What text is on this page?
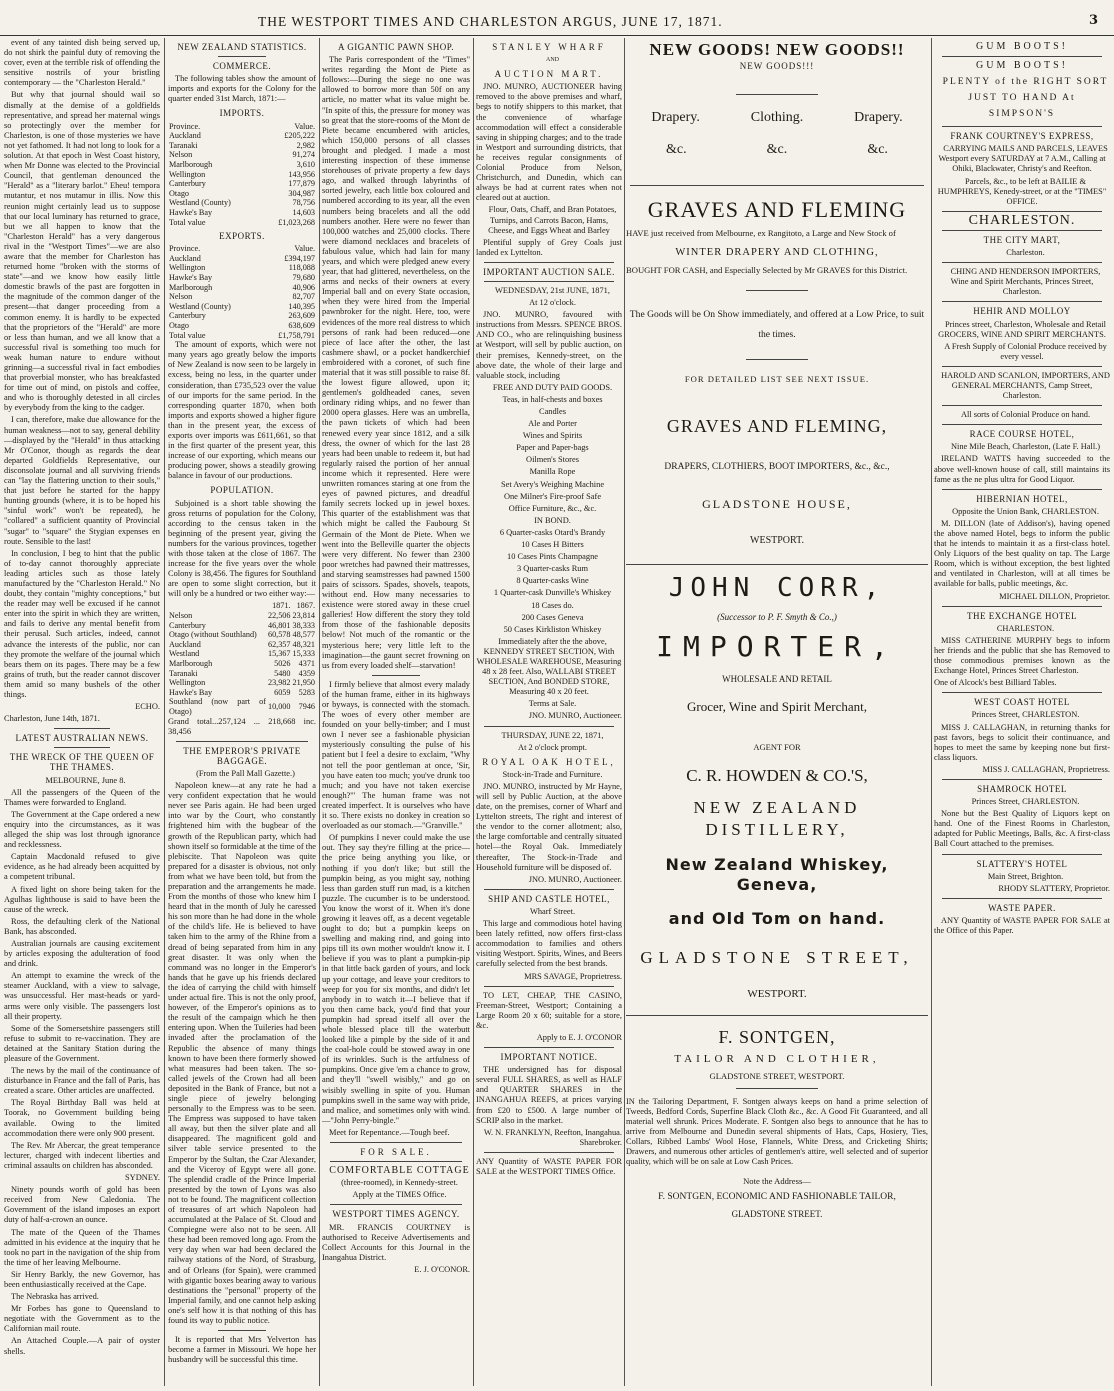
THE WESTPORT TIMES AND CHARLESTON ARGUS, JUNE 17, 1871.	3

event of any tainted dish being served up, do not shirk the painful duty of removing the cover, even at the terrible risk of offending the sensitive nostrils of your bristling contemporary — the "Charleston Herald."

But why that journal should wail so dismally at the demise of a goldfields representative, and spread her maternal wings so protectingly over the member for Charleston, is one of those mysteries we have not yet fathomed. It had not long to look for a solution. At that epoch in West Coast history, when Mr Donne was elected to the Provincial Council, that gentleman denounced the "Herald" as a "literary barlot." Eheu! tempora mutantur, et nos mutamur in illis. Now this reunion might certainly lead us to suppose that our local luminary has returned to grace, but we all happen to know that the "Charleston Herald" has a very dangerous rival in the "Westport Times"—we are also aware that the member for Charleston has returned home "broken with the storms of state"—and we know how easily little domestic brawls of the past are forgotten in the magnitude of the common danger of the present—that danger proceeding from a common enemy. It is hardly to be expected that the proprietors of the "Herald" are more or less than human, and we all know that a successful rival is something too much for weak human nature to endure without grinning—a successful rival in fact embodies that proverbial monster, who has breakfasted for time out of mind, on pistols and coffee, and who is thoroughly detested in all circles by everybody from the king to the cadger.

I can, therefore, make due allowance for the human weakness—not to say, general debility—displayed by the "Herald" in thus attacking Mr O'Conor, though as regards the dear departed Goldfields Representative, our disconsolate journal and all surviving friends can "lay the flattering unction to their souls," that just before he started for the happy hunting grounds (where, it is to be hoped his "sinful work" won't be repeated), he "collared" a sufficient quantity of Provincial "sugar" to "square" the Stygian expenses en route. Sensible to the last!

In conclusion, I beg to hint that the public of to-day cannot thoroughly appreciate leading articles such as those lately manufactured by the "Charleston Herald." No doubt, they contain "mighty conceptions," but the reader may well be excused if he cannot enter into the spirit in which they are written, and fails to derive any mental benefit from their perusal. Such articles, indeed, cannot advance the interests of the public, nor can they promote the welfare of the journal which bears them on its pages. There may be a few grains of truth, but the reader cannot discover them amid so many bushels of the other things.

ECHO.

Charleston, June 14th, 1871.

LATEST AUSTRALIAN NEWS.
THE WRECK OF THE QUEEN OF THE THAMES.

MELBOURNE, June 8.

All the passengers of the Queen of the Thames were forwarded to England.

The Government at the Cape ordered a new enquiry into the circumstances, as it was alleged the ship was lost through ignorance and recklessness.

Captain Macdonald refused to give evidence, as he had already been acquitted by a competent tribunal.

A fixed light on shore being taken for the Agulhas lighthouse is said to have been the cause of the wreck.

Ross, the defaulting clerk of the National Bank, has absconded.

Australian journals are causing excitement by articles exposing the adulteration of food and drink.

An attempt to examine the wreck of the steamer Auckland, with a view to salvage, was unsuccessful. Her mast-heads or yard-arms were only visible. The passengers lost all their property.

Some of the Somersetshire passengers still refuse to submit to re-vaccination. They are detained at the Sanitary Station during the pleasure of the Government.

The news by the mail of the continuance of disturbance in France and the fall of Paris, has created a scare. Other articles are unaffected.

The Royal Birthday Ball was held at Toorak, no Government building being available. Owing to the limited accommodation there were only 900 present.

The Rev. Mr Abercar, the great temperance lecturer, charged with indecent liberties and criminal assaults on children has absconded.

SYDNEY.

Ninety pounds worth of gold has been received from New Caledonia. The Government of the island imposes an export duty of half-a-crown an ounce.

The mate of the Queen of the Thames admitted in his evidence at the inquiry that he took no part in the navigation of the ship from the time of her leaving Melbourne.

Sir Henry Barkly, the new Governor, has been enthusiastically received at the Cape.

The Nebraska has arrived.

Mr Forbes has gone to Queensland to negotiate with the Government as to the Californian mail route.

An Attached Couple.—A pair of oyster shells.

NEW ZEALAND STATISTICS.
COMMERCE.

The following tables show the amount of imports and exports for the Colony for the quarter ended 31st March, 1871:—

IMPORTS.
Province.	Value.
Auckland	£205,222
Taranaki	2,982
Nelson	91,274
Marlborough	3,610
Wellington	143,956
Canterbury	177,879
Otago	304,987
Westland (County)	78,756
Hawke's Bay	14,603
Total value	£1,023,268
EXPORTS.
Province.	Value.
Auckland	£394,197
Wellington	118,088
Hawke's Bay	79,680
Marlborough	40,906
Nelson	82,707
Westland (County)	140,395
Canterbury	263,609
Otago	638,609
Total value	£1,758,791

The amount of exports, which were not many years ago greatly below the imports of New Zealand is now seen to be largely in excess, being no less, in the quarter under consideration, than £735,523 over the value of our imports for the same period. In the corresponding quarter 1870, when both imports and exports showed a higher figure than in the present year, the excess of exports over imports was £611,661, so that in the first quarter of the present year, this increase of our exporting, which means our producing power, shows a steadily growing balance in favour of our productions.

POPULATION.

Subjoined is a short table showing the gross returns of population for the Colony, according to the census taken in the beginning of the present year, giving the numbers for the various provinces, together with those taken at the close of 1867. The increase for the five years over the whole Colony is 38,456. The figures for Southland are open to some slight correction, but it will only be a hundred or two either way:—

	1871.	1867.
Nelson	22,506	23,814
Canterbury	46,801	38,333
Otago (without Southland)	60,578	48,577
Auckland	62,357	48,321
Westland	15,367	15,333
Marlborough	5026	4371
Taranaki	5480	4359
Wellington	23,982	21,950
Hawke's Bay	6059	5283
Southland (now part of Otago)	10,000	7946

Grand total...257,124 ... 218,668 inc. 38,456

THE EMPEROR'S PRIVATE BAGGAGE.

(From the Pall Mall Gazette.)

Napoleon knew—at any rate he had a very confident expectation that he would never see Paris again. He had been urged into war by the Court, who constantly frightened him with the bugbear of the growth of the Republican party, which had shown itself so formidable at the time of the plebiscite. That Napoleon was quite prepared for a disaster is obvious, not only from what we have been told, but from the preparation and the arrangements he made. From the months of those who knew him I heard that in the month of July he caressed his son more than he had done in the whole of the child's life. He is believed to have taken him to the army of the Rhine from a dread of being separated from him in any great disaster. It was only when the command was no longer in the Emperor's hands that he gave up his friends declared the idea of carrying the child with himself under actual fire. This is not the only proof, however, of the Emperor's opinions as to the result of the campaign which he then entering upon. When the Tuileries had been invaded after the proclamation of the Republic the absence of many things known to have been there formerly showed what measures had been taken. The so-called jewels of the Crown had all been deposited in the Bank of France, but not a single piece of jewelry belonging personally to the Empress was to be seen. The Empress was supposed to have taken all away, but then the silver plate and all disappeared. The magnificent gold and silver table service presented to the Emperor by the Sultan, the Czar Alexander, and the Viceroy of Egypt were all gone. The splendid cradle of the Prince Imperial presented by the town of Lyons was also not to be found. The magnificent collection of treasures of art which Napoleon had accumulated at the Palace of St. Cloud and Compiegne were also not to be seen. All these had been removed long ago. From the very day when war had been declared the railway stations of the Nord, of Strasburg, and of Orleans (for Spain), were crammed with gigantic boxes bearing away to various destinations the "personal" property of the Imperial family, and one cannot help asking one's self how it is that nothing of this has found its way to public notice.

It is reported that Mrs Yelverton has become a farmer in Missouri. We hope her husbandry will be successful this time.

A GIGANTIC PAWN SHOP.

The Paris correspondent of the "Times" writes regarding the Mont de Piete as follows:—During the siege no one was allowed to borrow more than 50f on any article, no matter what its value might be. "In spite of this, the pressure for money was so great that the store-rooms of the Mont de Piete became encumbered with articles, which 150,000 persons of all classes brought and pledged. I made a most interesting inspection of these immense storehouses of private property a few days ago, and walked through labyrinths of sorted jewelry, each little box coloured and numbered according to its year, all the even numbers being bracelets and all the odd numbers another. Here were no fewer than 100,000 watches and 25,000 clocks. There were diamond necklaces and bracelets of fabulous value, which had lain for many years, and which were pledged anew every year, that had glittered, nevertheless, on the arms and necks of their owners at every Imperial ball and on every State occasion, when they were hired from the Imperial pawnbroker for the night. Here, too, were evidences of the more real distress to which persons of rank had been reduced—one piece of lace after the other, the last cashmere shawl, or a pocket handkerchief embroidered with a coronet, of such fine material that it was still possible to raise 8f. the lowest figure allowed, upon it; gentlemen's goldheaded canes, seven ordinary riding whips, and no fewer than 2000 opera glasses. Here was an umbrella, the pawn tickets of which had been renewed every year since 1812, and a silk dress, the owner of which for the last 28 years had been unable to redeem it, but had regularly raised the portion of her annual income which it represented. Here were unwritten romances staring at one from the eyes of pawned pictures, and dreadful family secrets locked up in jewel boxes. This quarter of the establishment was that which might be called the Faubourg St Germain of the Mont de Piete. When we went into the Belleville quarter the objects were very different. No fewer than 2300 poor wretches had pawned their mattresses, and starving seamstresses had pawned 1500 pairs of scissors. Spades, shovels, teapots, without end. How many necessaries to existence were stored away in these cruel galleries! How different the story they told from those of the fashionable deposits below! Not much of the romantic or the mysterious here; very little left to the imagination—the gaunt secret frowning on us from every loaded shelf—starvation!

I firmly believe that almost every malady of the human frame, either in its highways or byways, is connected with the stomach. The woes of every other member are founded on your belly-timber; and I must own I never see a fashionable physician mysteriously consulting the pulse of his patient but I feel a desire to exclaim, "Why not tell the poor gentleman at once, 'Sir, you have eaten too much; you've drunk too much; and you have not taken exercise enough?'" The human frame was not created imperfect. It is ourselves who have it so. There exists no donkey in creation so overloaded as our stomach.—"Granville."

Of pumpkins I never could make the use out. They say they're filling at the price—the price being anything you like, or nothing if you don't like; but still the pumpkin being, as you might say, nothing less than garden stuff run mad, is a kitchen puzzle. The cucumber is to be understood. You know the worst of it. When it's done growing it leaves off, as a decent vegetable ought to do; but a pumpkin keeps on swelling and making rind, and going into pips till its own mother wouldn't know it. I believe if you was to plant a pumpkin-pip in that little back garden of yours, and lock up your cottage, and leave your creditors to weep for you for six months, and didn't let anybody in to watch it—I believe that if you then came back, you'd find that your pumpkin had spread itself all over the whole blessed place till the waterbutt looked like a pimple by the side of it and the coal-hole could be stowed away in one of its wrinkles. Such is the artfulness of pumpkins. Once give 'em a chance to grow, and they'll "swell wisibly," and go on wisibly swelling in spite of you. Human pumpkins swell in the same way with pride, and malice, and sometimes only with wind.—"John Perry-bingle."

Meet for Repentance.—Tough beef.

FOR SALE.

COMFORTABLE COTTAGE

(three-roomed), in Kennedy-street.

Apply at the TIMES Office.

WESTPORT TIMES AGENCY.

MR. FRANCIS COURTNEY is authorised to Receive Advertisements and Collect Accounts for this Journal in the Inangahua District.

E. J. O'CONOR.

STANLEY WHARF

AND

AUCTION MART.

JNO. MUNRO, AUCTIONEER having removed to the above premises and wharf, begs to notify shippers to this market, that the convenience of wharfage accommodation will effect a considerable saving in shipping charges; and to the trade in Westport and surrounding districts, that he receives regular consignments of Colonial Produce from Nelson, Christchurch, and Dunedin, which can always be had at current rates when not cleared out at auction.

Flour, Oats, Chaff, and Bran Potatoes, Turnips, and Carrots Bacon, Hams, Cheese, and Eggs Wheat and Barley

Plentiful supply of Grey Coals just landed ex Lyttelton.

IMPORTANT AUCTION SALE.

WEDNESDAY, 21st JUNE, 1871,

At 12 o'clock.

JNO. MUNRO, favoured with instructions from Messrs. SPENCE BROS. AND CO., who are relinquishing business at Westport, will sell by public auction, on their premises, Kennedy-street, on the above date, the whole of their large and valuable stock, including

FREE AND DUTY PAID GOODS.

Teas, in half-chests and boxes

Candles

Ale and Porter

Wines and Spirits

Paper and Paper-bags

Oilmen's Stores

Manilla Rope

Set Avery's Weighing Machine

One Milner's Fire-proof Safe

Office Furniture, &c., &c.

IN BOND.

6 Quarter-casks Otard's Brandy

10 Cases H Bitters

10 Cases Pints Champagne

3 Quarter-casks Rum

8 Quarter-casks Wine

1 Quarter-cask Dunville's Whiskey

18 Cases do.

200 Cases Geneva

50 Cases Kirkliston Whiskey

Immediately after the the above, KENNEDY STREET SECTION, With WHOLESALE WAREHOUSE, Measuring 48 x 28 feet. Also, WALLABI STREET SECTION, And BONDED STORE, Measuring 40 x 20 feet.

Terms at Sale.

JNO. MUNRO, Auctioneer.

THURSDAY, JUNE 22, 1871,

At 2 o'clock prompt.

ROYAL OAK HOTEL,

Stock-in-Trade and Furniture.

JNO. MUNRO, instructed by Mr Hayne, will sell by Public Auction, at the above date, on the premises, corner of Wharf and Lyttelton streets, The right and interest of the vendor to the corner allotment; also, the large comfortable and centrally situated hotel—the Royal Oak. Immediately thereafter, The Stock-in-Trade and Household furniture will be disposed of.

JNO. MUNRO, Auctioneer.

SHIP AND CASTLE HOTEL,

Wharf Street.

This large and commodious hotel having been lately refitted, now offers first-class accommodation to families and others visiting Westport. Spirits, Wines, and Beers carefully selected from the best brands.

MRS SAVAGE, Proprietress.

TO LET, CHEAP, THE CASINO, Freeman-Street, Westport; Containing a Large Room 20 x 60; suitable for a store, &c.

Apply to E. J. O'CONOR

IMPORTANT NOTICE.

THE undersigned has for disposal several FULL SHARES, as well as HALF and QUARTER SHARES in the INANGAHUA REEFS, at prices varying from £20 to £500. A large number of SCRIP also in the market.

W. N. FRANKLYN, Reefton, Inangahua. Sharebroker.

ANY Quantity of WASTE PAPER FOR SALE at the WESTPORT TIMES Office.

NEW GOODS! NEW GOODS!!
NEW GOODS!!!
Drapery.	Clothing.	Drapery.
&c.	&c.	&c.
GRAVES AND FLEMING

HAVE just received from Melbourne, ex Rangitoto, a Large and New Stock of

WINTER DRAPERY AND CLOTHING,

BOUGHT FOR CASH, and Especially Selected by Mr GRAVES for this District.

The Goods will be On Show immediately, and offered at a Low Price, to suit the times.

FOR DETAILED LIST SEE NEXT ISSUE.
GRAVES AND FLEMING,
DRAPERS, CLOTHIERS, BOOT IMPORTERS, &c., &c.,
GLADSTONE HOUSE,
WESTPORT.
JOHN CORR,
(Successor to P. F. Smyth & Co.,)
IMPORTER,
WHOLESALE AND RETAIL
Grocer, Wine and Spirit Merchant,
AGENT FOR
C. R. HOWDEN & CO.'S,
NEW ZEALAND DISTILLERY,
New Zealand Whiskey, Geneva,
and Old Tom on hand.
GLADSTONE STREET,
WESTPORT.
F. SONTGEN,
TAILOR AND CLOTHIER,
GLADSTONE STREET, WESTPORT.

IN the Tailoring Department, F. Sontgen always keeps on hand a prime selection of Tweeds, Bedford Cords, Superfine Black Cloth &c., &c. A Good Fit Guaranteed, and all material well shrunk. Prices Moderate. F. Sontgen also begs to announce that he has to arrive from Melbourne and Dunedin several shipments of Hats, Caps, Hosiery, Ties, Collars, Ribbed Lambs' Wool Hose, Flannels, White Dress, and Cricketing Shirts; Drawers, and numerous other articles of gentlemen's attire, well selected and of superior quality, which will be on sale at Low Cash Prices.

Note the Address—
F. SONTGEN, ECONOMIC AND FASHIONABLE TAILOR,
GLADSTONE STREET.
GUM BOOTS!
GUM BOOTS!

PLENTY of the RIGHT SORT JUST TO HAND At SIMPSON'S

FRANK COURTNEY'S EXPRESS,

CARRYING MAILS AND PARCELS, LEAVES Westport every SATURDAY at 7 A.M., Calling at Ohiki, Blackwater, Christy's and Reefton.

Parcels, &c., to be left at BAILIE & HUMPHREYS, Kenedy-street, or at the "TIMES" OFFICE.

CHARLESTON.
THE CITY MART,

Charleston.

CHING AND HENDERSON IMPORTERS, Wine and Spirit Merchants, Princes Street, Charleston.

HEHIR AND MOLLOY

Princes street, Charleston, Wholesale and Retail GROCERS, WINE AND SPIRIT MERCHANTS.

A Fresh Supply of Colonial Produce received by every vessel.

HAROLD AND SCANLON, IMPORTERS, AND GENERAL MERCHANTS, Camp Street, Charleston.

All sorts of Colonial Produce on hand.

RACE COURSE HOTEL,

Nine Mile Beach, Charleston, (Late F. Hall.)

IRELAND WATTS having succeeded to the above well-known house of call, still maintains its fame as the ne plus ultra for Good Liquor.

HIBERNIAN HOTEL,

Opposite the Union Bank, CHARLESTON.

M. DILLON (late of Addison's), having opened the above named Hotel, begs to inform the public that he intends to maintain it as a first-class hotel. Only Liquors of the best quality on tap. The Large Room, which is without exception, the best lighted and ventilated in Charleston, will at all times be available for balls, public meetings, &c.

MICHAEL DILLON, Proprietor.

THE EXCHANGE HOTEL

CHARLESTON.

MISS CATHERINE MURPHY begs to inform her friends and the public that she has Removed to those commodious premises known as the Exchange Hotel, Princes Street Charleston.

One of Alcock's best Billiard Tables.

WEST COAST HOTEL

Princes Street, CHARLESTON.

MISS J. CALLAGHAN, in returning thanks for past favors, begs to solicit their continuance, and hopes to meet the same by keeping none but first-class liquors.

MISS J. CALLAGHAN, Proprietress.

SHAMROCK HOTEL

Princes Street, CHARLESTON.

None but the Best Quality of Liquors kept on hand. One of the Finest Rooms in Charleston, adapted for Public Meetings, Balls, &c. A first-class Ball Court attached to the premises.

SLATTERY'S HOTEL

Main Street, Brighton.

RHODY SLATTERY, Proprietor.

WASTE PAPER.

ANY Quantity of WASTE PAPER FOR SALE at the Office of this Paper.
